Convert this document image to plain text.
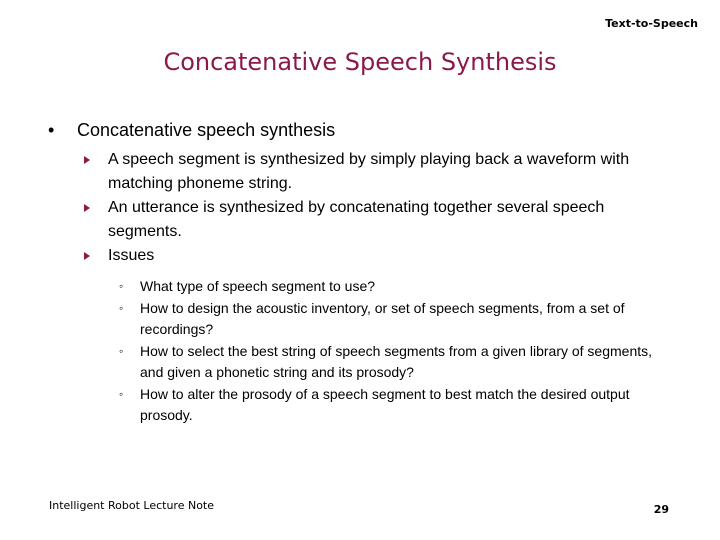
Text-to-Speech
Concatenative Speech Synthesis
• Concatenative speech synthesis
A speech segment is synthesized by simply playing back a waveform with matching phoneme string.
An utterance is synthesized by concatenating together several speech segments.
Issues
◦ What type of speech segment to use?
◦ How to design the acoustic inventory, or set of speech segments, from a set of recordings?
◦ How to select the best string of speech segments from a given library of segments, and given a phonetic string and its prosody?
◦ How to alter the prosody of a speech segment to best match the desired output prosody.
Intelligent Robot Lecture Note	29
